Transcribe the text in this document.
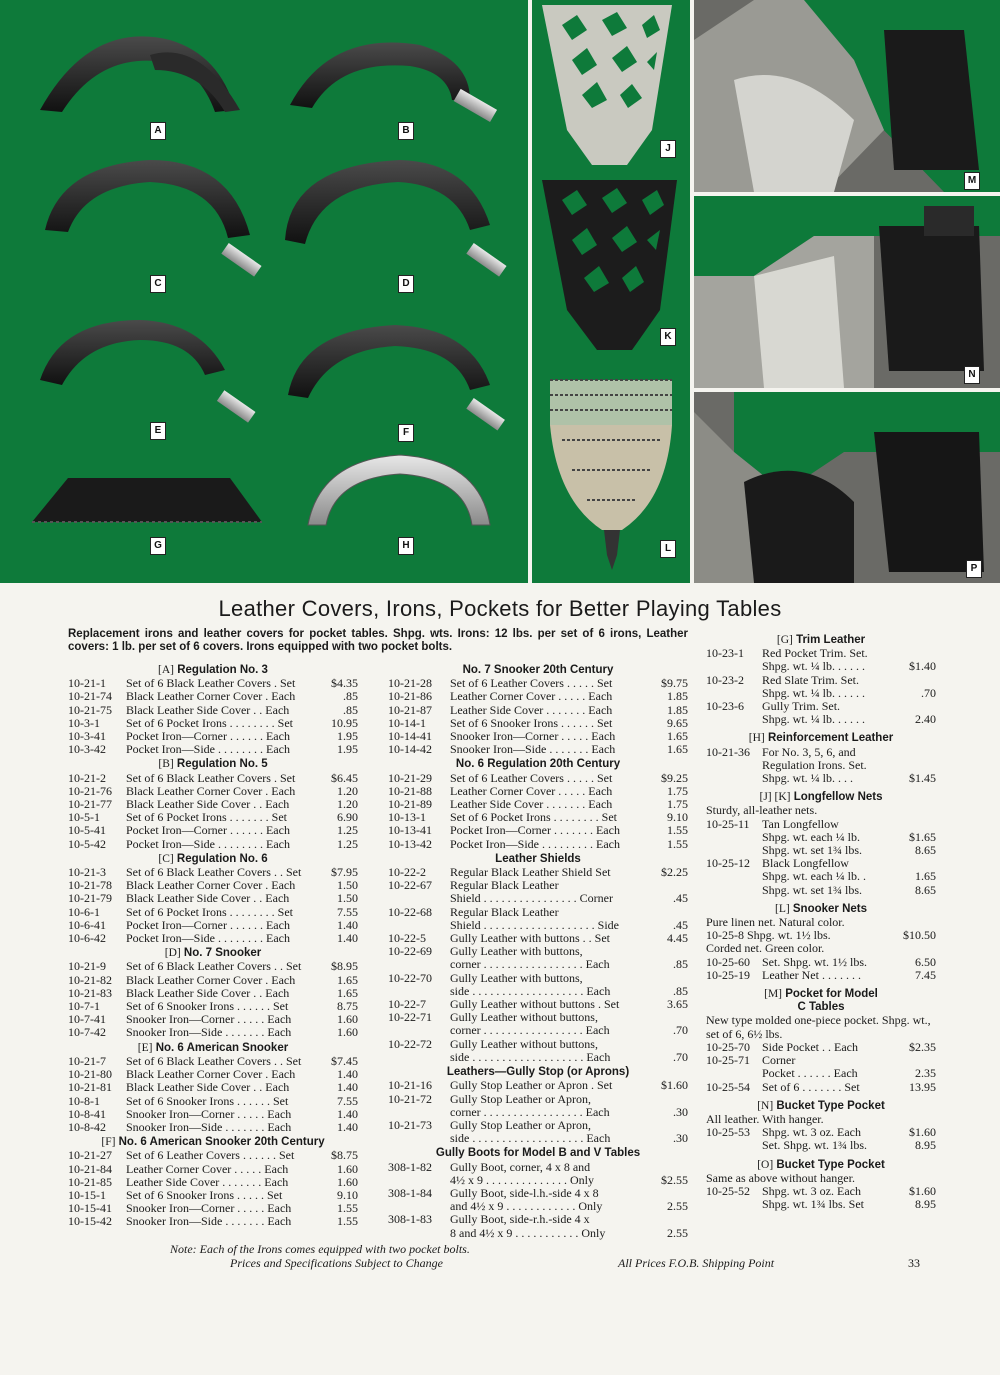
A	B
C	D
E	F
G	H
J
K
L
M
N
P
Leather Covers, Irons, Pockets for Better Playing Tables
Replacement irons and leather covers for pocket tables. Shpg. wts. Irons: 12 lbs. per set of 6 irons, Leather covers: 1 lb. per set of 6 covers. Irons equipped with two pocket bolts.
[A] Regulation No. 3
10-21-1	Set of 6 Black Leather Covers . Set	$4.35
10-21-74	Black Leather Corner Cover . Each	.85
10-21-75	Black Leather Side Cover . . Each	.85
10-3-1	Set of 6 Pocket Irons . . . . . . . . Set	10.95
10-3-41	Pocket Iron—Corner . . . . . . Each	1.95
10-3-42	Pocket Iron—Side . . . . . . . . Each	1.95
[B] Regulation No. 5
10-21-2	Set of 6 Black Leather Covers . Set	$6.45
10-21-76	Black Leather Corner Cover . Each	1.20
10-21-77	Black Leather Side Cover . . Each	1.20
10-5-1	Set of 6 Pocket Irons . . . . . . . Set	6.90
10-5-41	Pocket Iron—Corner . . . . . . Each	1.25
10-5-42	Pocket Iron—Side . . . . . . . . Each	1.25
[C] Regulation No. 6
10-21-3	Set of 6 Black Leather Covers . . Set	$7.95
10-21-78	Black Leather Corner Cover . Each	1.50
10-21-79	Black Leather Side Cover . . Each	1.50
10-6-1	Set of 6 Pocket Irons . . . . . . . . Set	7.55
10-6-41	Pocket Iron—Corner . . . . . . Each	1.40
10-6-42	Pocket Iron—Side . . . . . . . . Each	1.40
[D] No. 7 Snooker
10-21-9	Set of 6 Black Leather Covers . . Set	$8.95
10-21-82	Black Leather Corner Cover . Each	1.65
10-21-83	Black Leather Side Cover . . Each	1.65
10-7-1	Set of 6 Snooker Irons . . . . . . Set	8.75
10-7-41	Snooker Iron—Corner . . . . . Each	1.60
10-7-42	Snooker Iron—Side . . . . . . . Each	1.60
[E] No. 6 American Snooker
10-21-7	Set of 6 Black Leather Covers . . Set	$7.45
10-21-80	Black Leather Corner Cover . Each	1.40
10-21-81	Black Leather Side Cover . . Each	1.40
10-8-1	Set of 6 Snooker Irons . . . . . . Set	7.55
10-8-41	Snooker Iron—Corner . . . . . Each	1.40
10-8-42	Snooker Iron—Side . . . . . . . Each	1.40
[F] No. 6 American Snooker 20th Century
10-21-27	Set of 6 Leather Covers . . . . . . Set	$8.75
10-21-84	Leather Corner Cover . . . . . Each	1.60
10-21-85	Leather Side Cover . . . . . . . Each	1.60
10-15-1	Set of 6 Snooker Irons . . . . . Set	9.10
10-15-41	Snooker Iron—Corner . . . . . Each	1.55
10-15-42	Snooker Iron—Side . . . . . . . Each	1.55
No. 7 Snooker 20th Century
10-21-28	Set of 6 Leather Covers . . . . . Set	$9.75
10-21-86	Leather Corner Cover . . . . . Each	1.85
10-21-87	Leather Side Cover . . . . . . . Each	1.85
10-14-1	Set of 6 Snooker Irons . . . . . . Set	9.65
10-14-41	Snooker Iron—Corner . . . . . Each	1.65
10-14-42	Snooker Iron—Side . . . . . . . Each	1.65
No. 6 Regulation 20th Century
10-21-29	Set of 6 Leather Covers . . . . . Set	$9.25
10-21-88	Leather Corner Cover . . . . . Each	1.75
10-21-89	Leather Side Cover . . . . . . . Each	1.75
10-13-1	Set of 6 Pocket Irons . . . . . . . . Set	9.10
10-13-41	Pocket Iron—Corner . . . . . . . Each	1.55
10-13-42	Pocket Iron—Side . . . . . . . . . Each	1.55
Leather Shields
10-22-2	Regular Black Leather Shield Set	$2.25
10-22-67	Regular Black Leather
Shield . . . . . . . . . . . . . . . . Corner	.45
10-22-68	Regular Black Leather
Shield . . . . . . . . . . . . . . . . . . . Side	.45
10-22-5	Gully Leather with buttons . . Set	4.45
10-22-69	Gully Leather with buttons,
corner . . . . . . . . . . . . . . . . . Each	.85
10-22-70	Gully Leather with buttons,
side . . . . . . . . . . . . . . . . . . . Each	.85
10-22-7	Gully Leather without buttons . Set	3.65
10-22-71	Gully Leather without buttons,
corner . . . . . . . . . . . . . . . . . Each	.70
10-22-72	Gully Leather without buttons,
side . . . . . . . . . . . . . . . . . . . Each	.70
Leathers—Gully Stop (or Aprons)
10-21-16	Gully Stop Leather or Apron . Set	$1.60
10-21-72	Gully Stop Leather or Apron,
corner . . . . . . . . . . . . . . . . . Each	.30
10-21-73	Gully Stop Leather or Apron,
side . . . . . . . . . . . . . . . . . . . Each	.30
Gully Boots for Model B and V Tables
308-1-82	Gully Boot, corner, 4 x 8 and
4½ x 9 . . . . . . . . . . . . . . Only	$2.55
308-1-84	Gully Boot, side-l.h.-side 4 x 8
and 4½ x 9 . . . . . . . . . . . . Only	2.55
308-1-83	Gully Boot, side-r.h.-side 4 x
8 and 4½ x 9 . . . . . . . . . . . Only	2.55
[G] Trim Leather
10-23-1	Red Pocket Trim. Set.
Shpg. wt. ¼ lb. . . . . .	$1.40
10-23-2	Red Slate Trim. Set.
Shpg. wt. ¼ lb. . . . . .	.70
10-23-6	Gully Trim. Set.
Shpg. wt. ¼ lb. . . . . .	2.40
[H] Reinforcement Leather
10-21-36	For No. 3, 5, 6, and
Regulation Irons. Set.
Shpg. wt. ¼ lb. . . .	$1.45
[J] [K] Longfellow Nets
Sturdy, all-leather nets.
10-25-11	Tan Longfellow
Shpg. wt. each ¼ lb.	$1.65
Shpg. wt. set 1¾ lbs.	8.65
10-25-12	Black Longfellow
Shpg. wt. each ¼ lb. .	1.65
Shpg. wt. set 1¾ lbs.	8.65
[L] Snooker Nets
Pure linen net. Natural color.
10-25-8
Shpg. wt. 1½ lbs.	$10.50
Corded net. Green color.
10-25-60	Set. Shpg. wt. 1½ lbs.	6.50
10-25-19	Leather Net . . . . . . .	7.45
[M] Pocket for Model
C Tables
New type molded one-piece pocket. Shpg. wt., set of 6, 6½ lbs.
10-25-70	Side Pocket . . Each	$2.35
10-25-71	Corner
Pocket . . . . . . Each	2.35
10-25-54	Set of 6 . . . . . . . Set	13.95
[N] Bucket Type Pocket
All leather. With hanger.
10-25-53	Shpg. wt. 3 oz. Each	$1.60
Set. Shpg. wt. 1¾ lbs.	8.95
[O] Bucket Type Pocket
Same as above without hanger.
10-25-52	Shpg. wt. 3 oz. Each	$1.60
Shpg. wt. 1¾ lbs. Set	8.95
Note: Each of the Irons comes equipped with two pocket bolts.
Prices and Specifications Subject to Change	All Prices F.O.B. Shipping Point	33
